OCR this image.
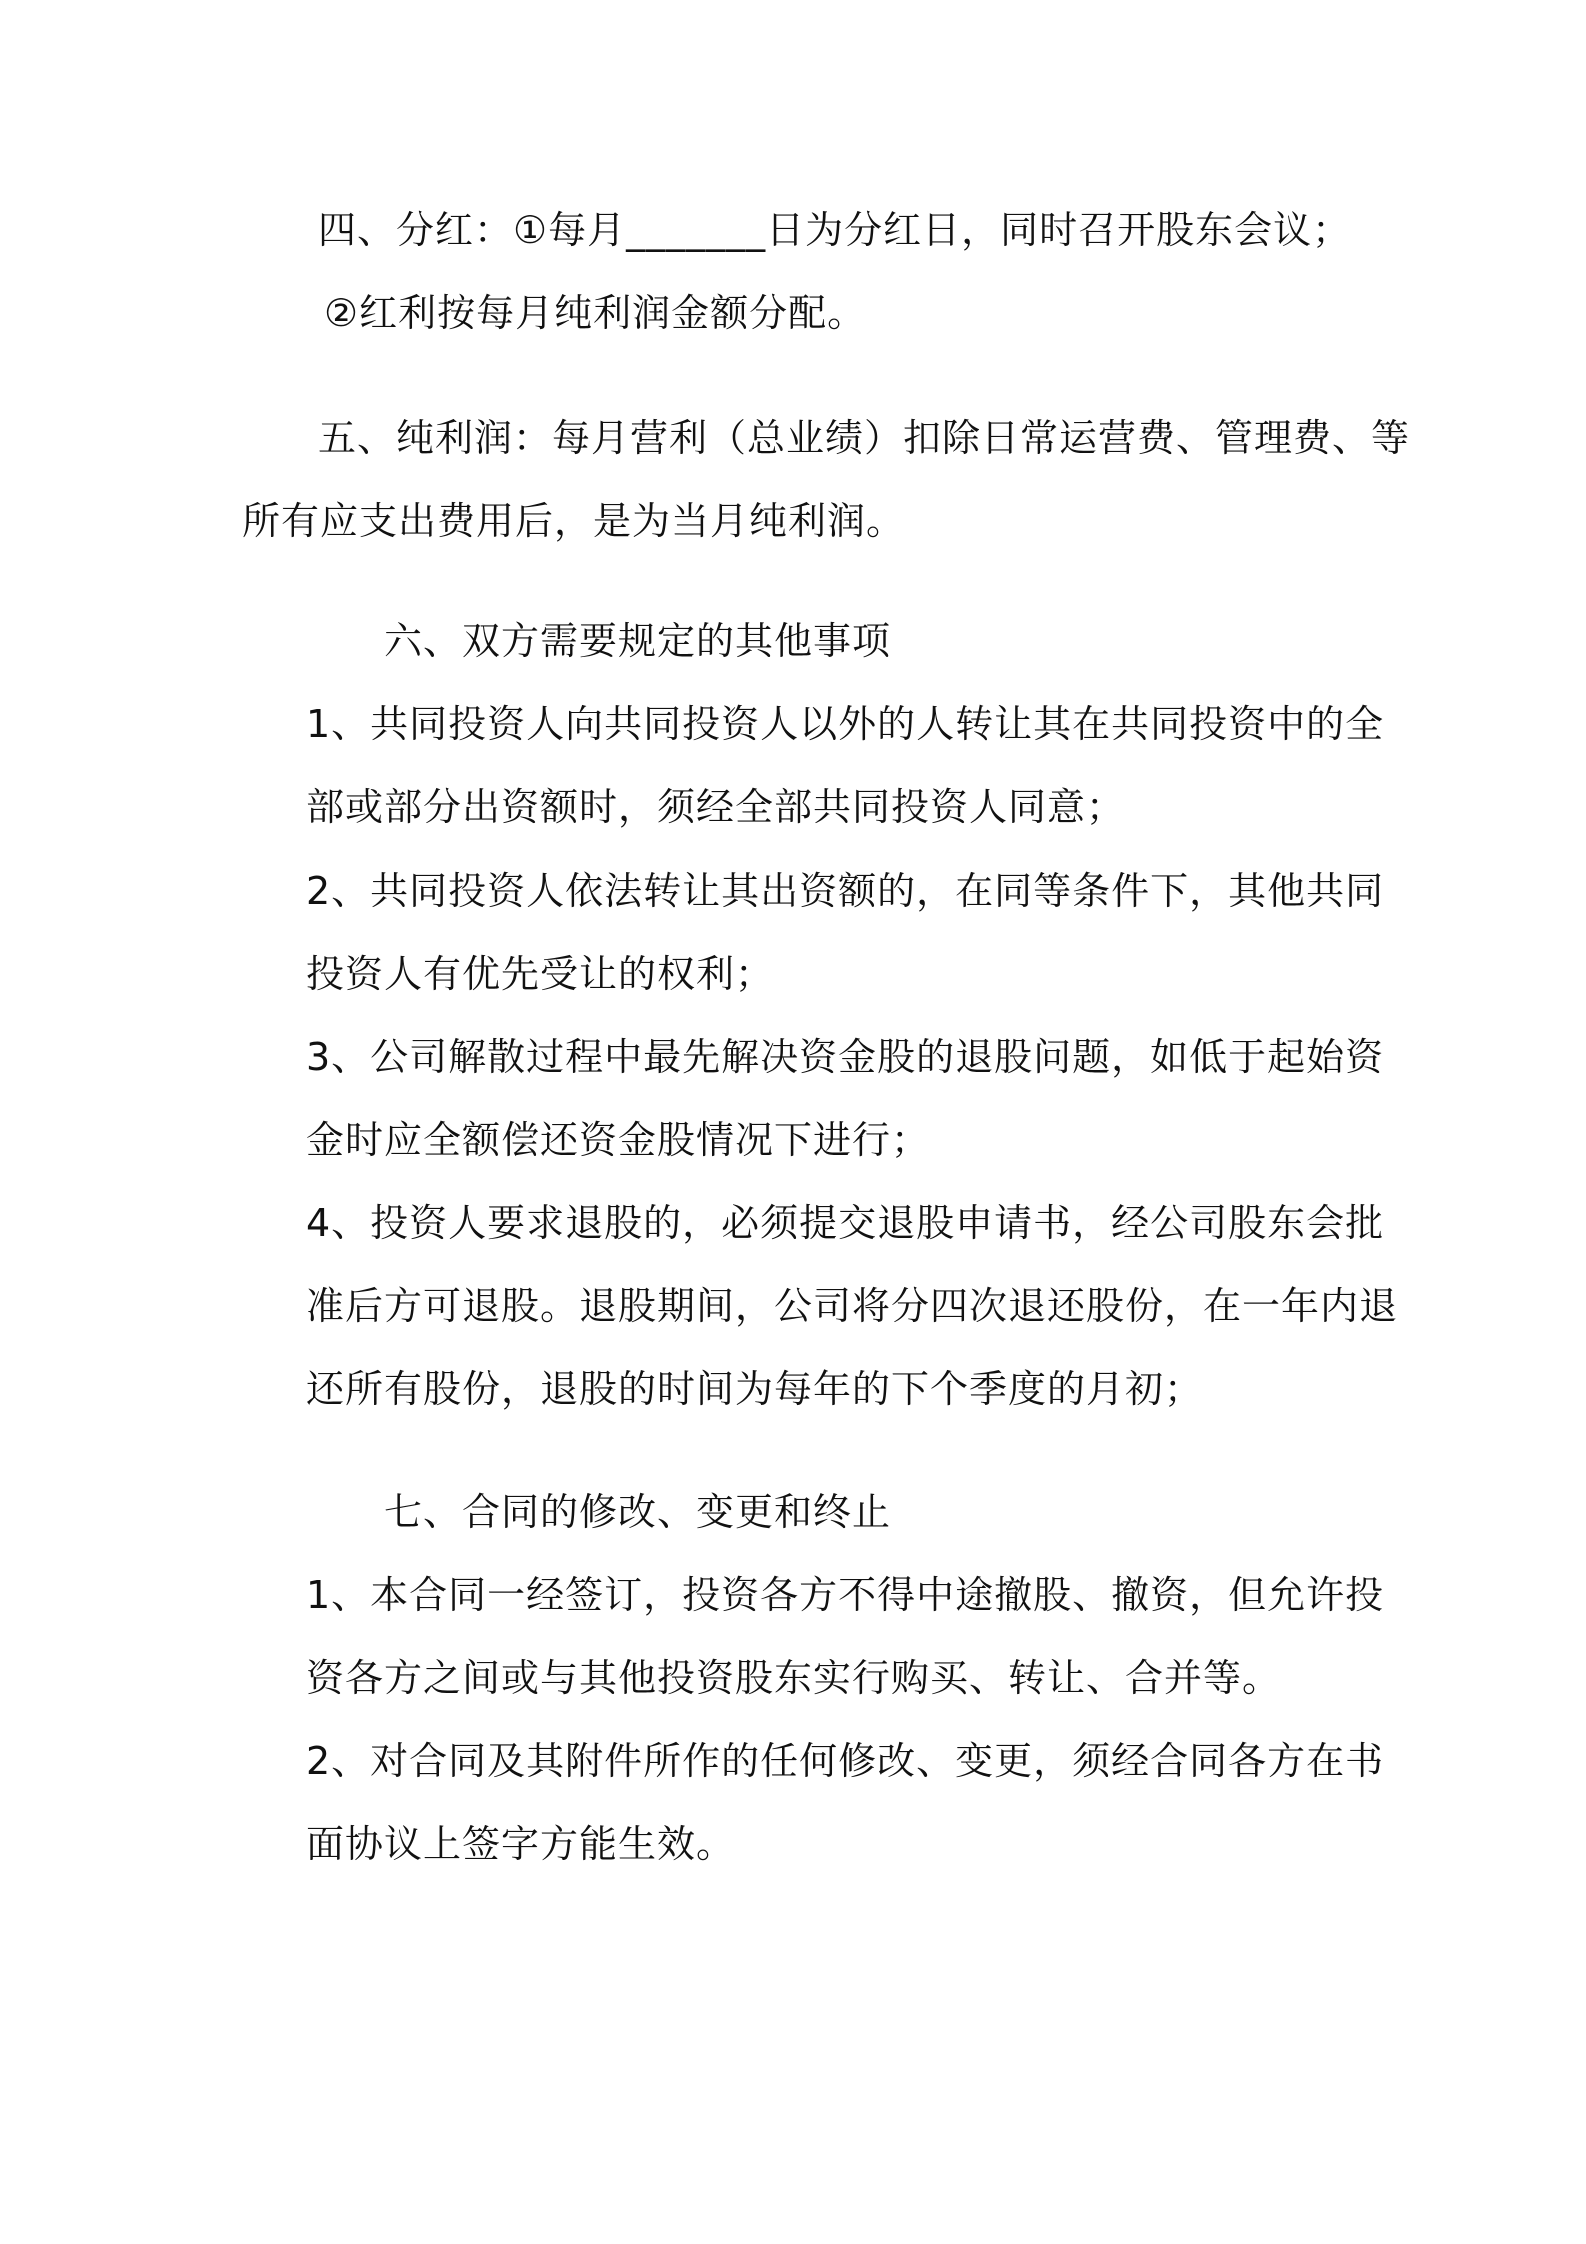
四、分红：①每月_______日为分红日，同时召开股东会议；
②红利按每月纯利润金额分配。
五、纯利润：每月营利（总业绩）扣除日常运营费、管理费、等
所有应支出费用后，是为当月纯利润。
六、双方需要规定的其他事项
1、共同投资人向共同投资人以外的人转让其在共同投资中的全
部或部分出资额时，须经全部共同投资人同意；
2、共同投资人依法转让其出资额的，在同等条件下，其他共同
投资人有优先受让的权利；
3、公司解散过程中最先解决资金股的退股问题，如低于起始资
金时应全额偿还资金股情况下进行；
4、投资人要求退股的，必须提交退股申请书，经公司股东会批
准后方可退股。退股期间，公司将分四次退还股份，在一年内退
还所有股份，退股的时间为每年的下个季度的月初；
七、合同的修改、变更和终止
1、本合同一经签订，投资各方不得中途撤股、撤资，但允许投
资各方之间或与其他投资股东实行购买、转让、合并等。
2、对合同及其附件所作的任何修改、变更，须经合同各方在书
面协议上签字方能生效。
